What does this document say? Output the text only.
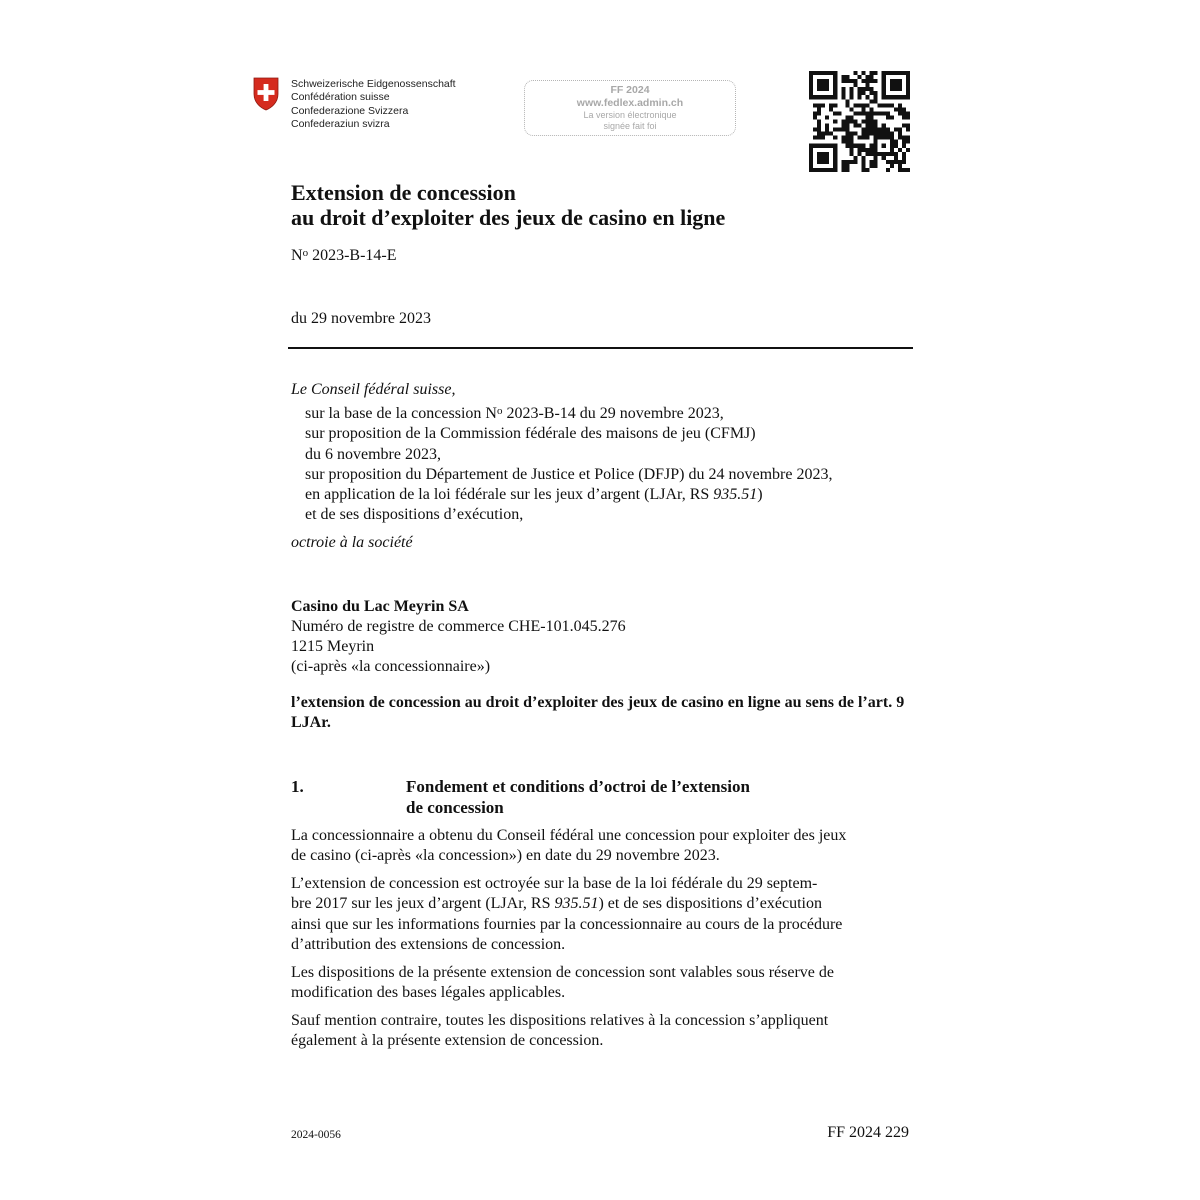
Schweizerische Eidgenossenschaft
Confédération suisse
Confederazione Svizzera
Confederaziun svizra
FF 2024
www.fedlex.admin.ch
La version électronique
signée fait foi
Extension de concession
au droit d’exploiter des jeux de casino en ligne
$N^o$ 2023-B-14-E
du 29 novembre 2023
Le Conseil fédéral suisse,
sur la base de la concession $N^o$ 2023-B-14 du 29 novembre 2023,
sur proposition de la Commission fédérale des maisons de jeu (CFMJ)
du 6 novembre 2023,
sur proposition du Département de Justice et Police (DFJP) du 24 novembre 2023,
en application de la loi fédérale sur les jeux d’argent (LJAr, RS 935.51)
et de ses dispositions d’exécution,
octroie à la société
Casino du Lac Meyrin SA
Numéro de registre de commerce CHE-101.045.276
1215 Meyrin
(ci-après «la concessionnaire»)
l’extension de concession au droit d’exploiter des jeux de casino en ligne au sens de l’art. 9 LJAr.
1.	Fondement et conditions d’octroi de l’extension
de concession
La concessionnaire a obtenu du Conseil fédéral une concession pour exploiter des jeux
de casino (ci-après «la concession») en date du 29 novembre 2023.
L’extension de concession est octroyée sur la base de la loi fédérale du 29 septem-
bre 2017 sur les jeux d’argent (LJAr, RS 935.51) et de ses dispositions d’exécution
ainsi que sur les informations fournies par la concessionnaire au cours de la procédure
d’attribution des extensions de concession.
Les dispositions de la présente extension de concession sont valables sous réserve de
modification des bases légales applicables.
Sauf mention contraire, toutes les dispositions relatives à la concession s’appliquent
également à la présente extension de concession.
2024-0056	FF 2024 229
